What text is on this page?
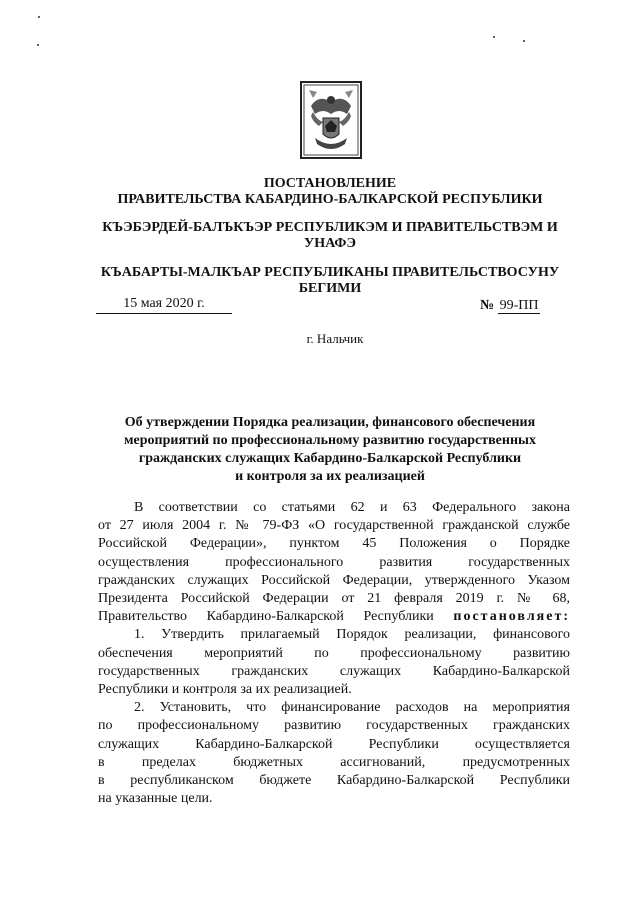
ПОСТАНОВЛЕНИЕ
ПРАВИТЕЛЬСТВА КАБАРДИНО-БАЛКАРСКОЙ РЕСПУБЛИКИ
КЪЭБЭРДЕЙ-БАЛЪКЪЭР РЕСПУБЛИКЭМ И ПРАВИТЕЛЬСТВЭМ И
УНАФЭ
КЪАБАРТЫ-МАЛКЪАР РЕСПУБЛИКАНЫ ПРАВИТЕЛЬСТВОСУНУ
БЕГИМИ
15 мая 2020 г.	№ 99-ПП
г. Нальчик
Об утверждении Порядка реализации, финансового обеспечения
мероприятий по профессиональному развитию государственных
гражданских служащих Кабардино-Балкарской Республики
и контроля за их реализацией

В соответствии со статьями 62 и 63 Федерального закона

от 27 июля 2004 г. № 79-ФЗ «О государственной гражданской службе

Российской Федерации», пунктом 45 Положения о Порядке

осуществления профессионального развития государственных

гражданских служащих Российской Федерации, утвержденного Указом

Президента Российской Федерации от 21 февраля 2019 г. № 68,

Правительство Кабардино-Балкарской Республики постановляет:

1. Утвердить прилагаемый Порядок реализации, финансового

обеспечения мероприятий по профессиональному развитию

государственных гражданских служащих Кабардино-Балкарской

Республики и контроля за их реализацией.

2. Установить, что финансирование расходов на мероприятия

по профессиональному развитию государственных гражданских

служащих Кабардино-Балкарской Республики осуществляется

в пределах бюджетных ассигнований, предусмотренных

в республиканском бюджете Кабардино-Балкарской Республики

на указанные цели.
